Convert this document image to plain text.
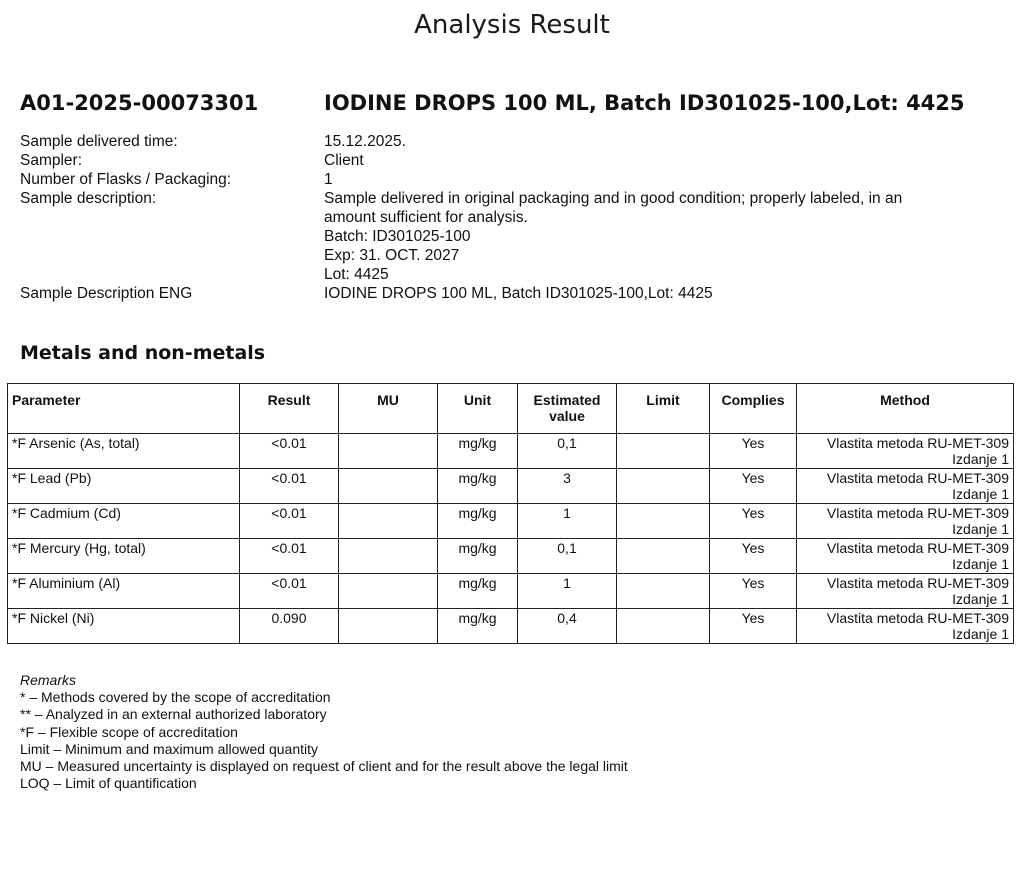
Analysis Result
A01-2025-00073301	IODINE DROPS 100 ML, Batch ID301025-100,Lot: 4425
Sample delivered time:	15.12.2025.
Sampler:	Client
Number of Flasks / Packaging:	1
Sample description:	Sample delivered in original packaging and in good condition; properly labeled, in an
amount sufficient for analysis.
Batch: ID301025-100
Exp: 31. OCT. 2027
Lot: 4425
Sample Description ENG	IODINE DROPS 100 ML, Batch ID301025-100,Lot: 4425
Metals and non-metals
Parameter	Result	MU	Unit	Estimated value	Limit	Complies	Method
*F Arsenic (As, total)	<0.01		mg/kg	0,1		Yes	Vlastita metoda RU-MET-309 Izdanje 1
*F Lead (Pb)	<0.01		mg/kg	3		Yes	Vlastita metoda RU-MET-309 Izdanje 1
*F Cadmium (Cd)	<0.01		mg/kg	1		Yes	Vlastita metoda RU-MET-309 Izdanje 1
*F Mercury (Hg, total)	<0.01		mg/kg	0,1		Yes	Vlastita metoda RU-MET-309 Izdanje 1
*F Aluminium (Al)	<0.01		mg/kg	1		Yes	Vlastita metoda RU-MET-309 Izdanje 1
*F Nickel (Ni)	0.090		mg/kg	0,4		Yes	Vlastita metoda RU-MET-309 Izdanje 1
Remarks
* – Methods covered by the scope of accreditation
** – Analyzed in an external authorized laboratory
*F – Flexible scope of accreditation
Limit – Minimum and maximum allowed quantity
MU – Measured uncertainty is displayed on request of client and for the result above the legal limit
LOQ – Limit of quantification
